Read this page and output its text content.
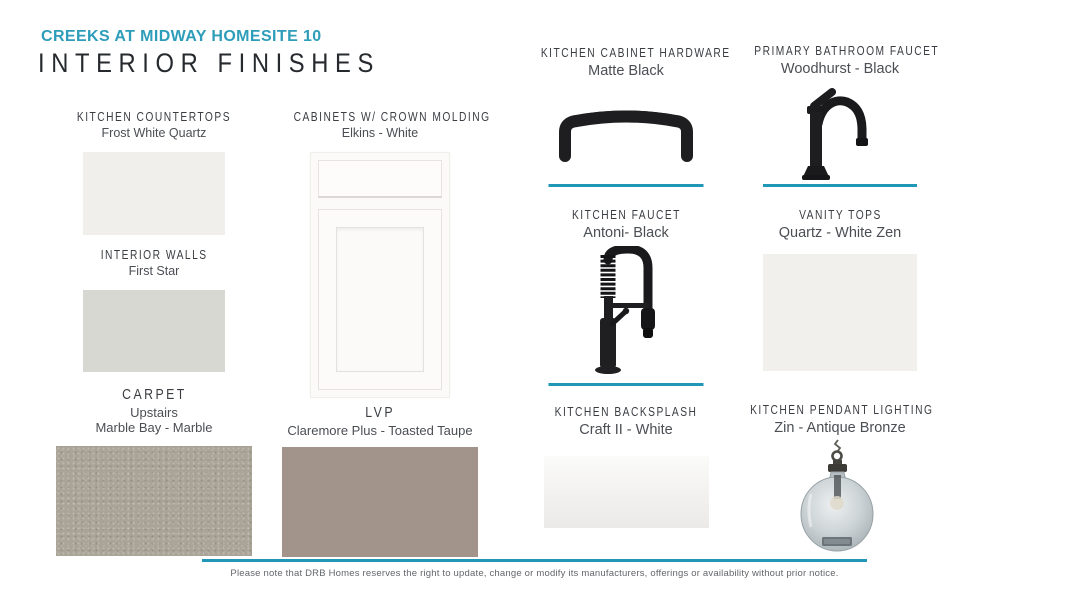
CREEKS AT MIDWAY HOMESITE 10
INTERIOR FINISHES
KITCHEN COUNTERTOPS

Frost White Quartz

INTERIOR WALLS

First Star

CARPET

Upstairs

Marble Bay - Marble

CABINETS W/ CROWN MOLDING

Elkins - White

LVP

Claremore Plus - Toasted Taupe

KITCHEN CABINET HARDWARE

Matte Black

KITCHEN FAUCET

Antoni- Black

KITCHEN BACKSPLASH

Craft II - White

PRIMARY BATHROOM FAUCET

Woodhurst - Black

VANITY TOPS

Quartz - White Zen

KITCHEN PENDANT LIGHTING

Zin - Antique Bronze

Please note that DRB Homes reserves the right to update, change or modify its manufacturers, offerings or availability without prior notice.
